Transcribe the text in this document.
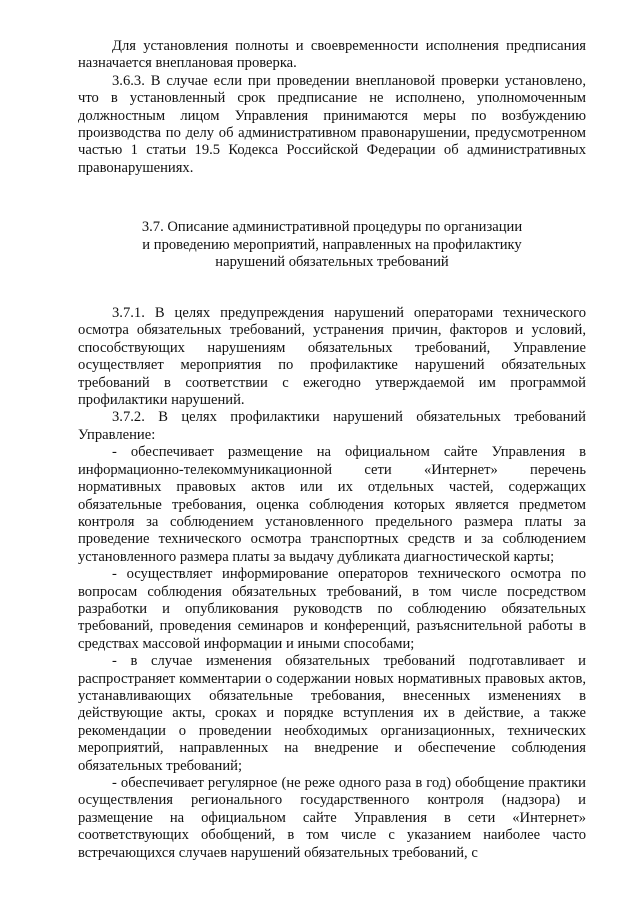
Для установления полноты и своевременности исполнения предписания назначается внеплановая проверка.

3.6.3. В случае если при проведении внеплановой проверки установлено, что в установленный срок предписание не исполнено, уполномоченным должностным лицом Управления принимаются меры по возбуждению производства по делу об административном правонарушении, предусмотренном частью 1 статьи 19.5 Кодекса Российской Федерации об административных правонарушениях.

3.7. Описание административной процедуры по организации
и проведению мероприятий, направленных на профилактику
нарушений обязательных требований

3.7.1. В целях предупреждения нарушений операторами технического осмотра обязательных требований, устранения причин, факторов и условий, способствующих нарушениям обязательных требований, Управление осуществляет мероприятия по профилактике нарушений обязательных требований в соответствии с ежегодно утверждаемой им программой профилактики нарушений.

3.7.2. В целях профилактики нарушений обязательных требований Управление:

- обеспечивает размещение на официальном сайте Управления в информационно-телекоммуникационной сети «Интернет» перечень нормативных правовых актов или их отдельных частей, содержащих обязательные требования, оценка соблюдения которых является предметом контроля за соблюдением установленного предельного размера платы за проведение технического осмотра транспортных средств и за соблюдением установленного размера платы за выдачу дубликата диагностической карты;

- осуществляет информирование операторов технического осмотра по вопросам соблюдения обязательных требований, в том числе посредством разработки и опубликования руководств по соблюдению обязательных требований, проведения семинаров и конференций, разъяснительной работы в средствах массовой информации и иными способами;

- в случае изменения обязательных требований подготавливает и распространяет комментарии о содержании новых нормативных правовых актов, устанавливающих обязательные требования, внесенных изменениях в действующие акты, сроках и порядке вступления их в действие, а также рекомендации о проведении необходимых организационных, технических мероприятий, направленных на внедрение и обеспечение соблюдения обязательных требований;

- обеспечивает регулярное (не реже одного раза в год) обобщение практики осуществления регионального государственного контроля (надзора) и размещение на официальном сайте Управления в сети «Интернет» соответствующих обобщений, в том числе с указанием наиболее часто встречающихся случаев нарушений обязательных требований, с
